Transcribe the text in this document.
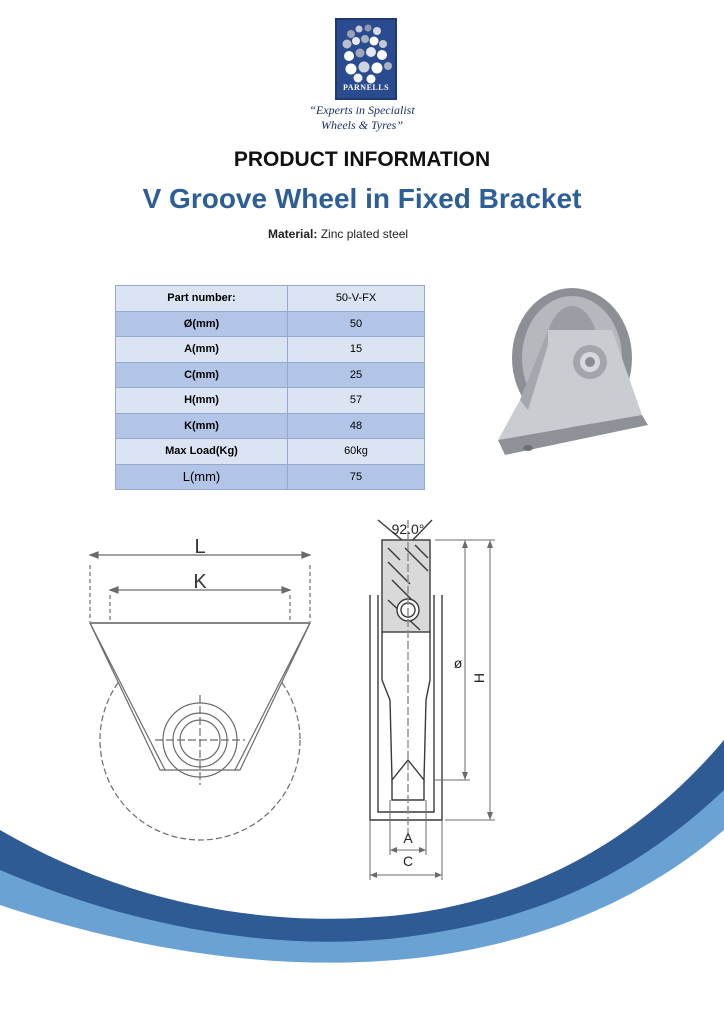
PARNELLS
“Experts in Specialist
Wheels & Tyres”
PRODUCT INFORMATION
V Groove Wheel in Fixed Bracket
Material: Zinc plated steel
Part number:	50-V-FX
Ø(mm)	50
A(mm)	15
C(mm)	25
H(mm)	57
K(mm)	48
Max Load(Kg)	60kg
L(mm)	75
L
K
92.0°
ø
H
A
C
